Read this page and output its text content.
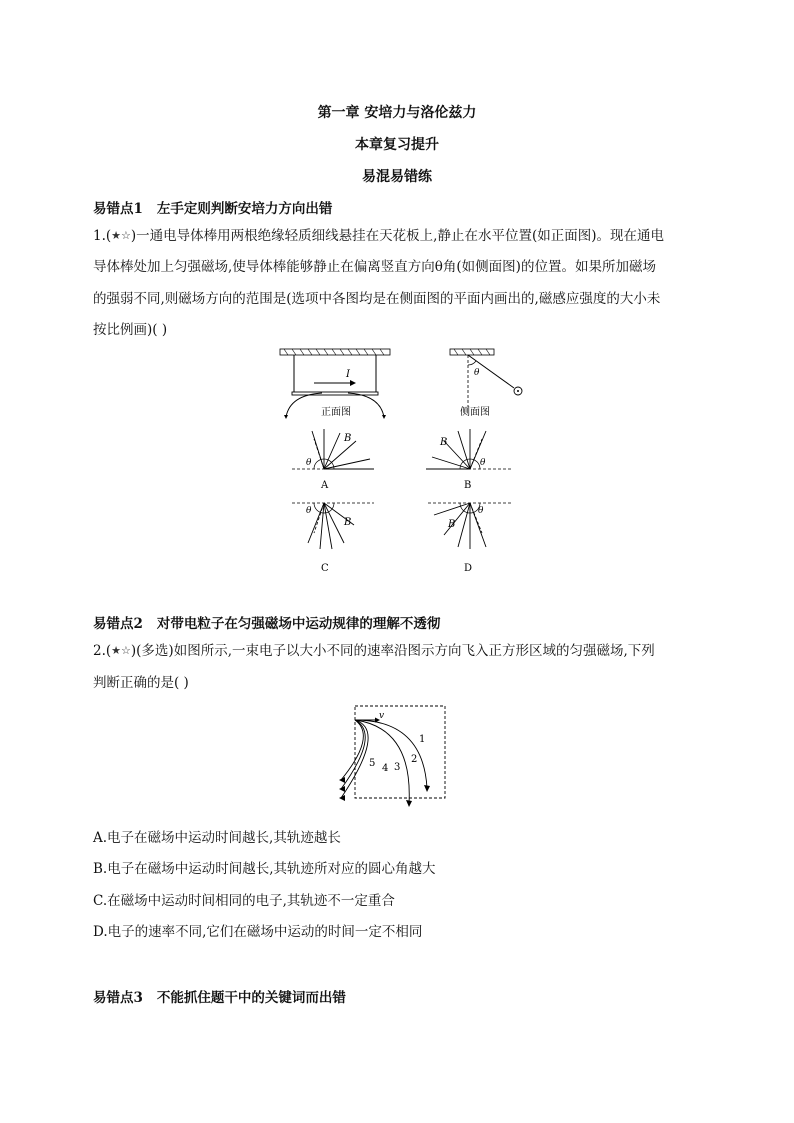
第一章 安培力与洛伦兹力
本章复习提升
易混易错练
易错点1 左手定则判断安培力方向出错
1.(★☆)一通电导体棒用两根绝缘轻质细线悬挂在天花板上,静止在水平位置(如正面图)。现在通电
导体棒处加上匀强磁场,使导体棒能够静止在偏离竖直方向θ角(如侧面图)的位置。如果所加磁场
的强弱不同,则磁场方向的范围是(选项中各图均是在侧面图的平面内画出的,磁感应强度的大小未
按比例画)( )
I
正面图
θ
侧面图
B
θ
A
B
θ
B
B
θ
C
B
θ
D
易错点2 对带电粒子在匀强磁场中运动规律的理解不透彻
2.(★☆)(多选)如图所示,一束电子以大小不同的速率沿图示方向飞入正方形区域的匀强磁场,下列
判断正确的是( )
v
1
2
3
4
5
A.电子在磁场中运动时间越长,其轨迹越长
B.电子在磁场中运动时间越长,其轨迹所对应的圆心角越大
C.在磁场中运动时间相同的电子,其轨迹不一定重合
D.电子的速率不同,它们在磁场中运动的时间一定不相同
易错点3 不能抓住题干中的关键词而出错
